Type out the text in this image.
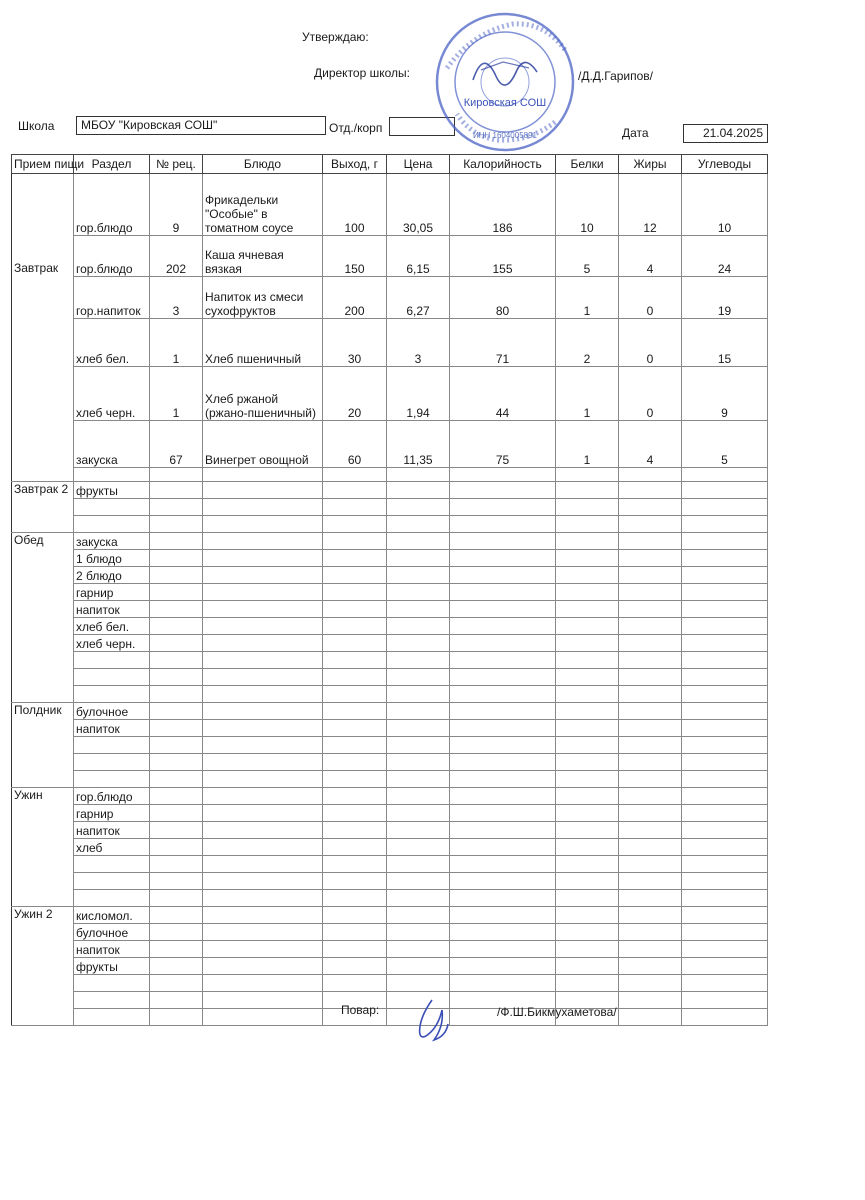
Утверждаю:
Директор школы:	/Д.Д.Гарипов/
Школа	МБОУ "Кировская СОШ"	Отд./корп	Дата	21.04.2025
Кировская СОШ
ИНН 1604005891
Прием пищи	Раздел	№ рец.	Блюдо	Выход, г	Цена	Калорийность	Белки	Жиры	Углеводы
Завтрак	гор.блюдо	9	Фрикадельки "Особые" в томатном соусе	100	30,05	186	10	12	10
	гор.блюдо	202	Каша ячневая вязкая	150	6,15	155	5	4	24
	гор.напиток	3	Напиток из смеси сухофруктов	200	6,27	80	1	0	19
	хлеб бел.	1	Хлеб пшеничный	30	3	71	2	0	15
	хлеб черн.	1	Хлеб ржаной (ржано-пшеничный)	20	1,94	44	1	0	9
	закуска	67	Винегрет овощной	60	11,35	75	1	4	5

Завтрак 2	фрукты								

Обед	закуска								
	1 блюдо								
	2 блюдо								
	гарнир								
	напиток								
	хлеб бел.								
	хлеб черн.								

Полдник	булочное								
	напиток								

Ужин	гор.блюдо								
	гарнир								
	напиток								
	хлеб								

Ужин 2	кисломол.								
	булочное								
	напиток								
	фрукты								

Повар:	/Ф.Ш.Бикмухаметова/
